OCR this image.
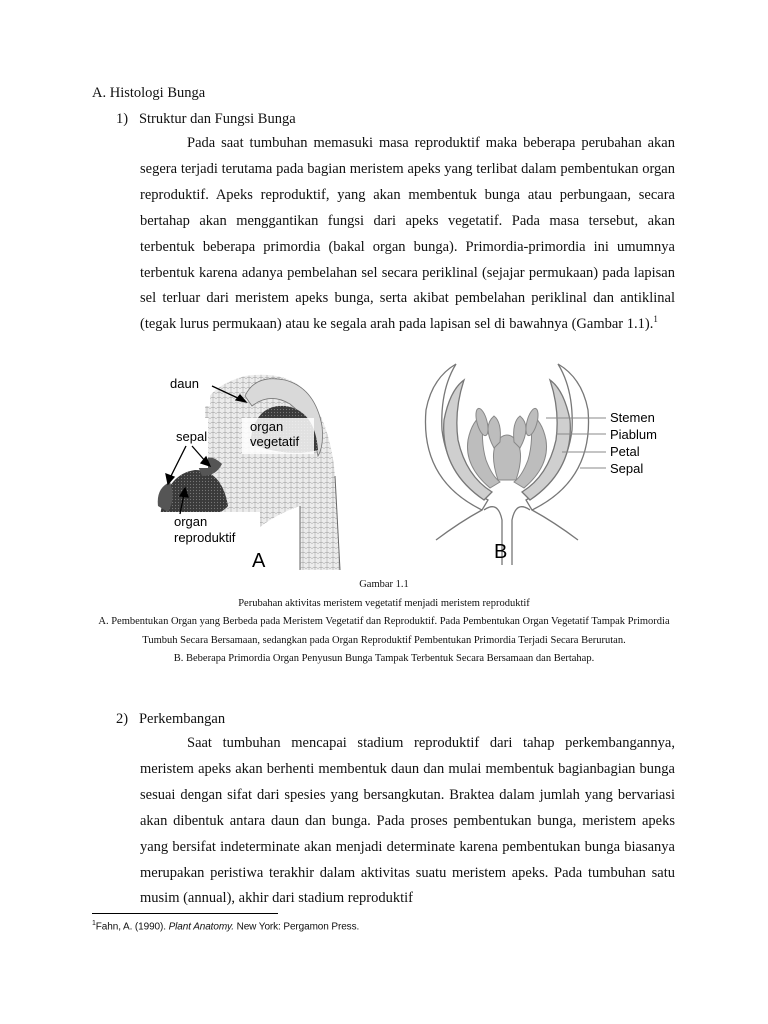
A. Histologi Bunga
1)   Struktur dan Fungsi Bunga

Pada saat tumbuhan memasuki masa reproduktif maka beberapa perubahan akan segera terjadi terutama pada bagian meristem apeks yang terlibat dalam pembentukan organ reproduktif. Apeks reproduktif, yang akan membentuk bunga atau perbungaan, secara bertahap akan menggantikan fungsi dari apeks vegetatif. Pada masa tersebut, akan terbentuk beberapa primordia (bakal organ bunga). Primordia-primordia ini umumnya terbentuk karena adanya pembelahan sel secara periklinal (sejajar permukaan) pada lapisan sel terluar dari meristem apeks bunga, serta akibat pembelahan periklinal dan antiklinal (tegak lurus permukaan) atau ke segala arah pada lapisan sel di bawahnya (Gambar 1.1).$^1$

daun
organ
vegetatif
sepal
organ
reproduktif
A
Stemen
Piablum
Petal
Sepal
B
Gambar 1.1
Perubahan aktivitas meristem vegetatif menjadi meristem reproduktif
A. Pembentukan Organ yang Berbeda pada Meristem Vegetatif dan Reproduktif. Pada Pembentukan Organ Vegetatif Tampak Primordia Tumbuh Secara Bersamaan, sedangkan pada Organ Reproduktif Pembentukan Primordia Terjadi Secara Berurutan.
B. Beberapa Primordia Organ Penyusun Bunga Tampak Terbentuk Secara Bersamaan dan Bertahap.
2)   Perkembangan

Saat tumbuhan mencapai stadium reproduktif dari tahap perkembangannya, meristem apeks akan berhenti membentuk daun dan mulai membentuk bagianbagian bunga sesuai dengan sifat dari spesies yang bersangkutan. Braktea dalam jumlah yang bervariasi akan dibentuk antara daun dan bunga. Pada proses pembentukan bunga, meristem apeks yang bersifat indeterminate akan menjadi determinate karena pembentukan bunga biasanya merupakan peristiwa terakhir dalam aktivitas suatu meristem apeks. Pada tumbuhan satu musim (annual), akhir dari stadium reproduktif

$^1$Fahn, A. (1990). Plant Anatomy. New York: Pergamon Press.
